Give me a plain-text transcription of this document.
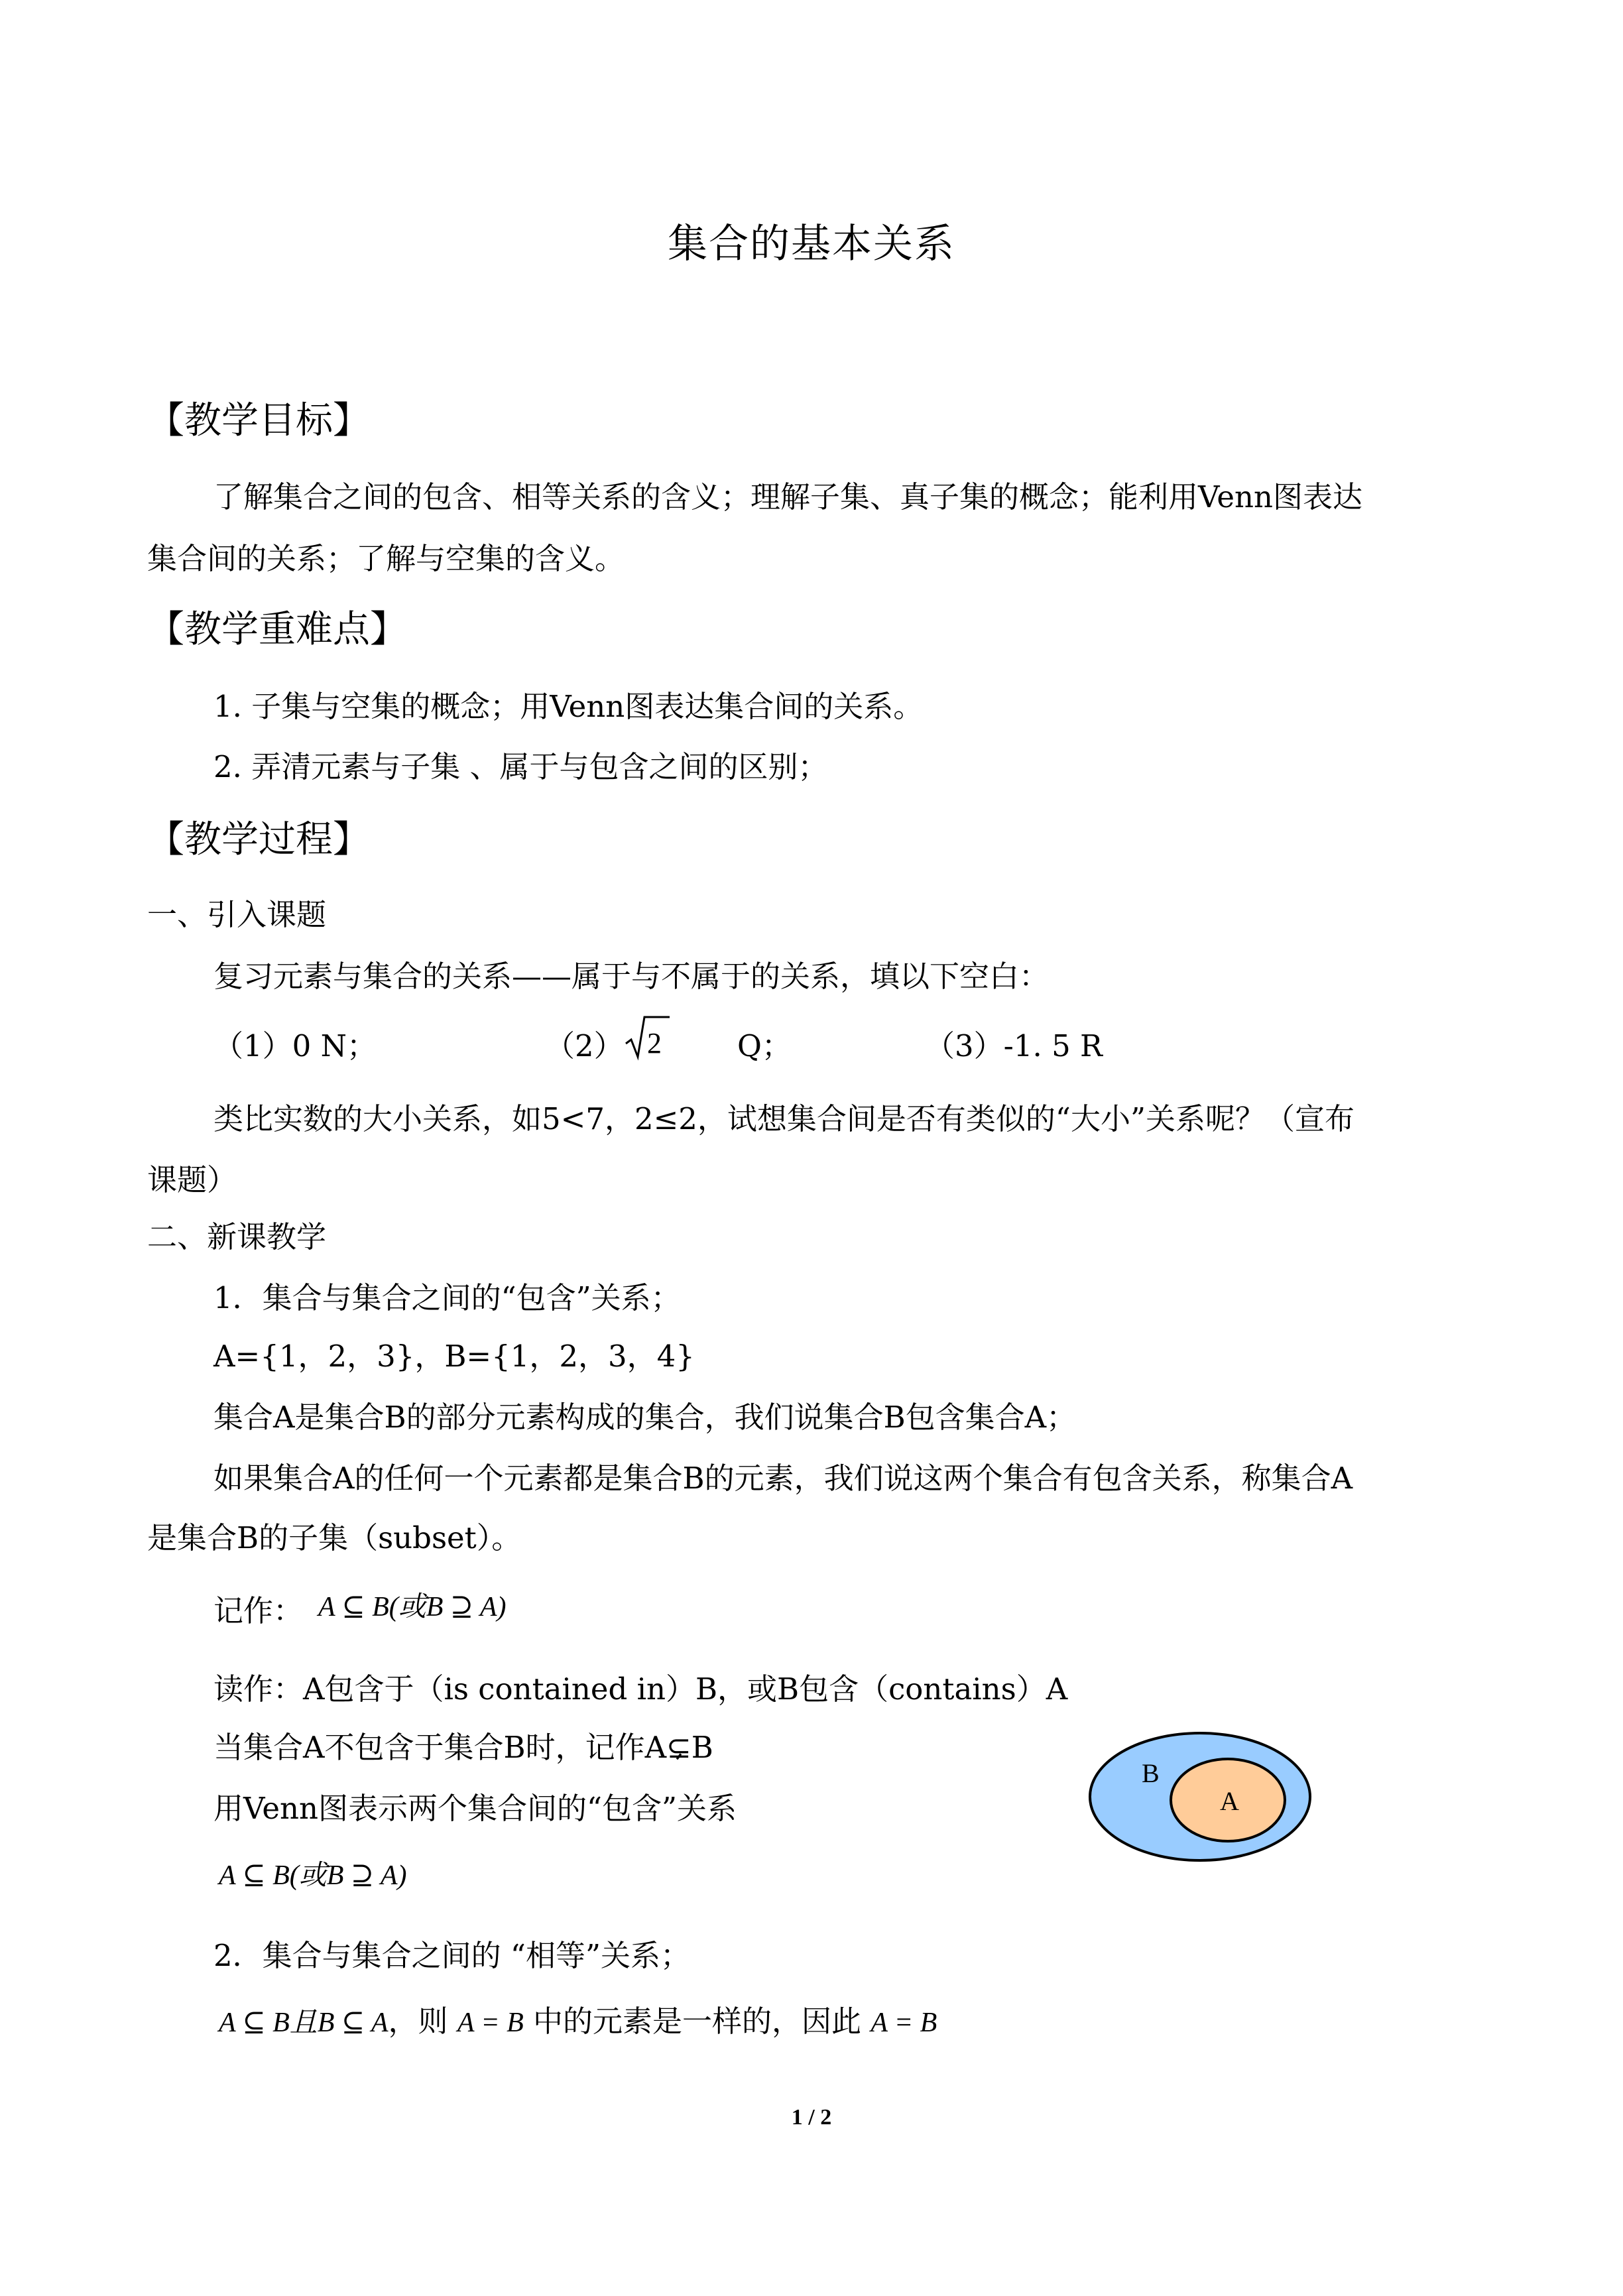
集合的基本关系
【教学目标】
了解集合之间的包含、相等关系的含义；理解子集、真子集的概念；能利用Venn图表达
集合间的关系；了解与空集的含义。
【教学重难点】
1. 子集与空集的概念；用Venn图表达集合间的关系。
2. 弄清元素与子集 、属于与包含之间的区别；
【教学过程】
一、引入课题
复习元素与集合的关系——属于与不属于的关系，填以下空白：
（1）0 N；	（2） 2	Q；	（3）-1. 5 R
类比实数的大小关系，如5<7，2≤2，试想集合间是否有类似的“大小”关系呢？（宣布
课题）
二、新课教学
1．集合与集合之间的“包含”关系；
A={1，2，3}，B={1，2，3，4}
集合A是集合B的部分元素构成的集合，我们说集合B包含集合A；
如果集合A的任何一个元素都是集合B的元素，我们说这两个集合有包含关系，称集合A
是集合B的子集（subset）。
记作： A ⊆ B(或B ⊇ A)
读作：A包含于（is contained in）B，或B包含（contains）A
当集合A不包含于集合B时，记作A⊊B
用Venn图表示两个集合间的“包含”关系
A ⊆ B(或B ⊇ A)
B
A
2．集合与集合之间的 “相等”关系；
A ⊆ B且B ⊆ A，则 A = B 中的元素是一样的，因此 A = B
1 / 2
